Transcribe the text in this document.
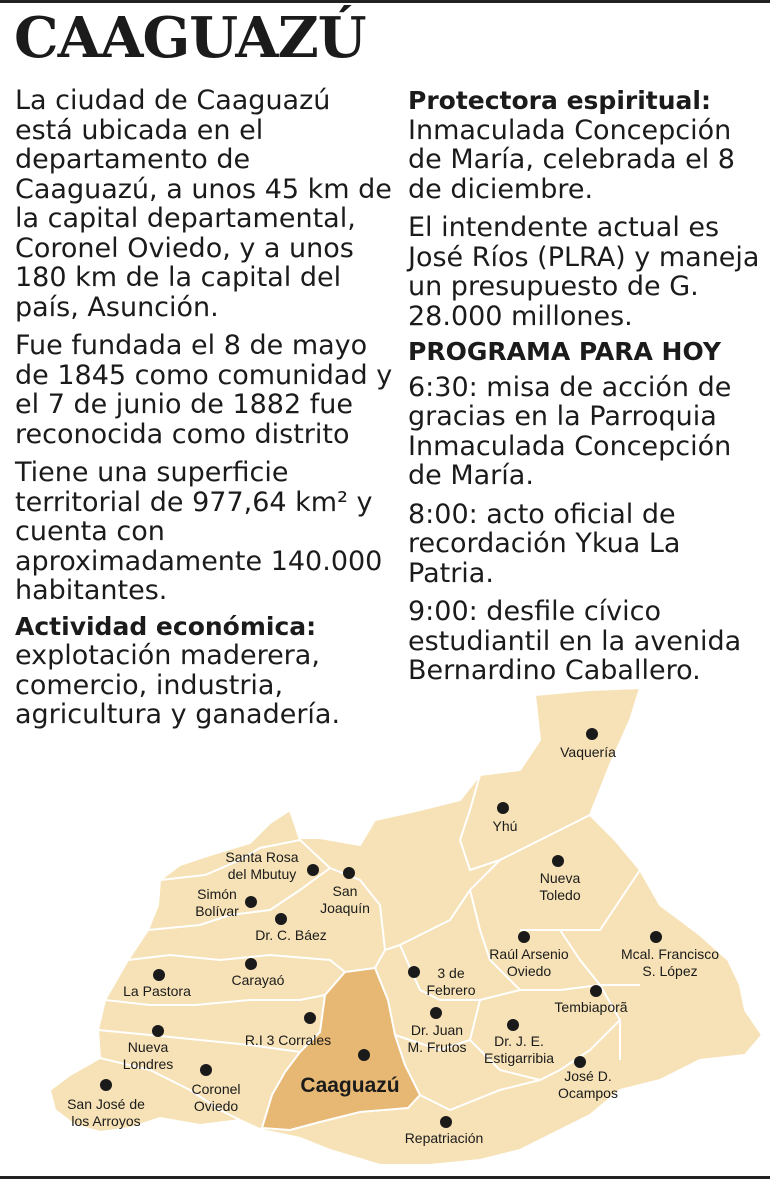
CAAGUAZÚ

La ciudad de Caaguazú está ubicada en el departamento de Caaguazú, a unos 45 km de la capital departamental, Coronel Oviedo, y a unos 180 km de la capital del país, Asunción.

Fue fundada el 8 de mayo de 1845 como comunidad y el 7 de junio de 1882 fue reconocida como distrito

Tiene una superficie territorial de 977,64 km² y cuenta con aproximadamente 140.000 habitantes.

Actividad económica:
explotación maderera, comercio, industria, agricultura y ganadería.

Protectora espiritual:
Inmaculada Concepción de María, celebrada el 8 de diciembre.

El intendente actual es José Ríos (PLRA) y maneja un presupuesto de G. 28.000 millones.

PROGRAMA PARA HOY

6:30: misa de acción de gracias en la Parroquia Inmaculada Concepción de María.

8:00: acto oficial de recordación Ykua La Patria.

9:00: desfile cívico estudiantil en la avenida Bernardino Caballero.

Vaquería
Yhú
Santa Rosa
del Mbutuy
San
Joaquín
Simón
Bolívar
Dr. C. Báez
Nueva
Toledo
Raúl Arsenio
Oviedo
Mcal. Francisco
S. López
La Pastora
Carayaó	3 de
Febrero
Tembiaporã
Dr. Juan
M. Frutos Dr. J. E.
Estigarribia
R.I 3 Corrales
Nueva
Londres
José D.
Ocampos
Caaguazú
Coronel
Oviedo
San José de
los Arroyos
Repatriación
